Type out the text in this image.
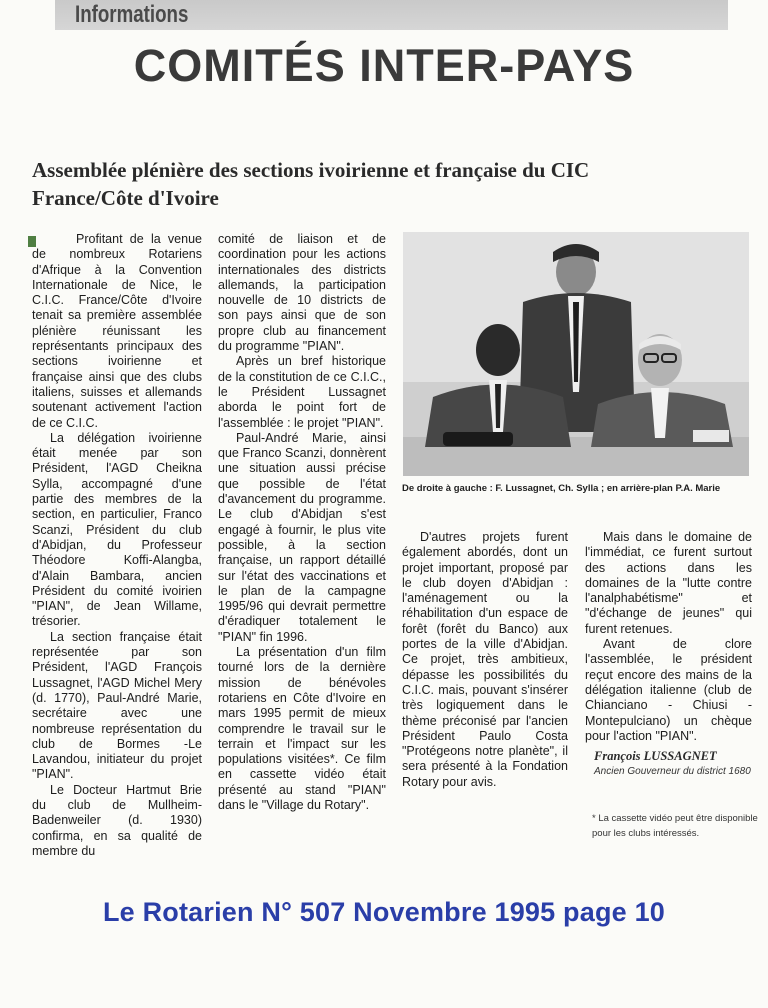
Informations
COMITÉS INTER-PAYS
Assemblée plénière des sections ivoirienne et française du CIC France/Côte d'Ivoire

Profitant de la venue de nombreux Rotariens d'Afrique à la Convention Internationale de Nice, le C.I.C. France/Côte d'Ivoire tenait sa première assemblée plénière réunissant les représentants principaux des sections ivoirienne et française ainsi que des clubs italiens, suisses et allemands soutenant activement l'action de ce C.I.C.

La délégation ivoirienne était menée par son Président, l'AGD Cheikna Sylla, accompagné d'une partie des membres de la section, en particulier, Franco Scanzi, Président du club d'Abidjan, du Professeur Théodore Koffi-Alangba, d'Alain Bambara, ancien Président du comité ivoirien "PIAN", de Jean Willame, trésorier.

La section française était représentée par son Président, l'AGD François Lussagnet, l'AGD Michel Mery (d. 1770), Paul-André Marie, secrétaire avec une nombreuse représentation du club de Bormes -Le Lavandou, initiateur du projet "PIAN".

Le Docteur Hartmut Brie du club de Mullheim-Badenweiler (d. 1930) confirma, en sa qualité de membre du

comité de liaison et de coordination pour les actions internationales des districts allemands, la participation nouvelle de 10 districts de son pays ainsi que de son propre club au financement du programme "PIAN".

Après un bref historique de la constitution de ce C.I.C., le Président Lussagnet aborda le point fort de l'assemblée : le projet "PIAN".

Paul-André Marie, ainsi que Franco Scanzi, donnèrent une situation aussi précise que possible de l'état d'avancement du programme. Le club d'Abidjan s'est engagé à fournir, le plus vite possible, à la section française, un rapport détaillé sur l'état des vaccinations et le plan de la campagne 1995/96 qui devrait permettre d'éradiquer totalement le "PIAN" fin 1996.

La présentation d'un film tourné lors de la dernière mission de bénévoles rotariens en Côte d'Ivoire en mars 1995 permit de mieux comprendre le travail sur le terrain et l'impact sur les populations visitées*. Ce film en cassette vidéo était présenté au stand "PIAN" dans le "Village du Rotary".

De droite à gauche : F. Lussagnet, Ch. Sylla ; en arrière-plan P.A. Marie

D'autres projets furent également abordés, dont un projet important, proposé par le club doyen d'Abidjan : l'aménagement ou la réhabilitation d'un espace de forêt (forêt du Banco) aux portes de la ville d'Abidjan. Ce projet, très ambitieux, dépasse les possibilités du C.I.C. mais, pouvant s'insérer très logiquement dans le thème préconisé par l'ancien Président Paulo Costa "Protégeons notre planète", il sera présenté à la Fondation Rotary pour avis.

Mais dans le domaine de l'immédiat, ce furent surtout des actions dans les domaines de la "lutte contre l'analphabétisme" et "d'échange de jeunes" qui furent retenues.

Avant de clore l'assemblée, le président reçut encore des mains de la délégation italienne (club de Chianciano - Chiusi - Montepulciano) un chèque pour l'action "PIAN".

François LUSSAGNET
Ancien Gouverneur du district 1680
* La cassette vidéo peut être disponible pour les clubs intéressés.
Le Rotarien N° 507 Novembre 1995 page 10
